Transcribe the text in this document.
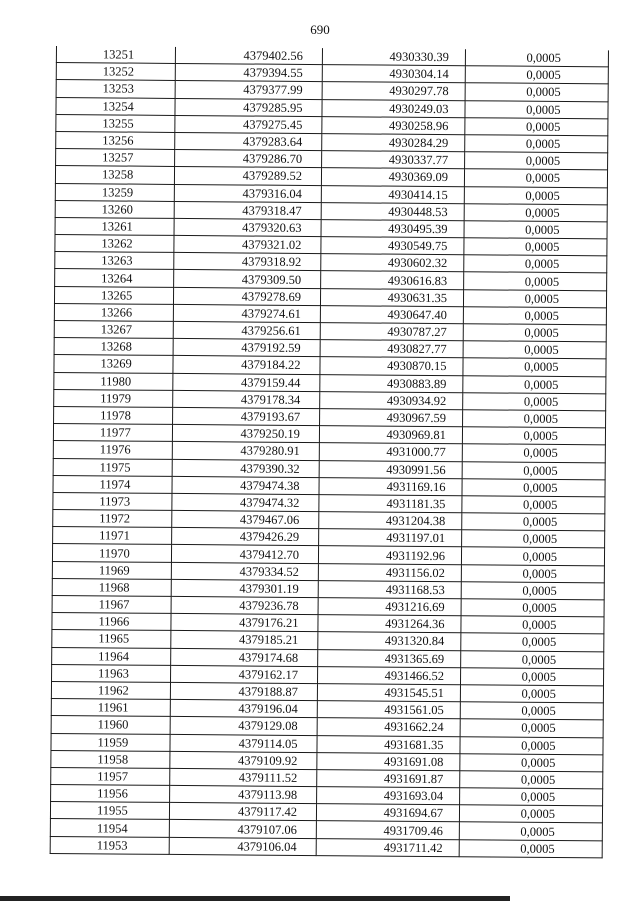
690
13251	4379402.56	4930330.39	0,0005
13252	4379394.55	4930304.14	0,0005
13253	4379377.99	4930297.78	0,0005
13254	4379285.95	4930249.03	0,0005
13255	4379275.45	4930258.96	0,0005
13256	4379283.64	4930284.29	0,0005
13257	4379286.70	4930337.77	0,0005
13258	4379289.52	4930369.09	0,0005
13259	4379316.04	4930414.15	0,0005
13260	4379318.47	4930448.53	0,0005
13261	4379320.63	4930495.39	0,0005
13262	4379321.02	4930549.75	0,0005
13263	4379318.92	4930602.32	0,0005
13264	4379309.50	4930616.83	0,0005
13265	4379278.69	4930631.35	0,0005
13266	4379274.61	4930647.40	0,0005
13267	4379256.61	4930787.27	0,0005
13268	4379192.59	4930827.77	0,0005
13269	4379184.22	4930870.15	0,0005
11980	4379159.44	4930883.89	0,0005
11979	4379178.34	4930934.92	0,0005
11978	4379193.67	4930967.59	0,0005
11977	4379250.19	4930969.81	0,0005
11976	4379280.91	4931000.77	0,0005
11975	4379390.32	4930991.56	0,0005
11974	4379474.38	4931169.16	0,0005
11973	4379474.32	4931181.35	0,0005
11972	4379467.06	4931204.38	0,0005
11971	4379426.29	4931197.01	0,0005
11970	4379412.70	4931192.96	0,0005
11969	4379334.52	4931156.02	0,0005
11968	4379301.19	4931168.53	0,0005
11967	4379236.78	4931216.69	0,0005
11966	4379176.21	4931264.36	0,0005
11965	4379185.21	4931320.84	0,0005
11964	4379174.68	4931365.69	0,0005
11963	4379162.17	4931466.52	0,0005
11962	4379188.87	4931545.51	0,0005
11961	4379196.04	4931561.05	0,0005
11960	4379129.08	4931662.24	0,0005
11959	4379114.05	4931681.35	0,0005
11958	4379109.92	4931691.08	0,0005
11957	4379111.52	4931691.87	0,0005
11956	4379113.98	4931693.04	0,0005
11955	4379117.42	4931694.67	0,0005
11954	4379107.06	4931709.46	0,0005
11953	4379106.04	4931711.42	0,0005
